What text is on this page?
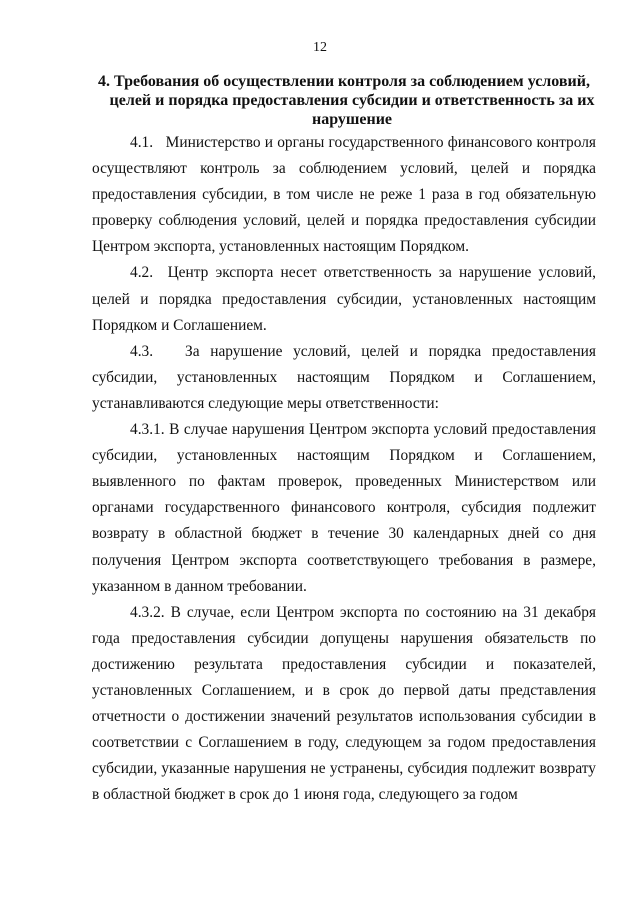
12
4. Требования об осуществлении контроля за соблюдением условий, целей и порядка предоставления субсидии и ответственность за их нарушение

4.1.   Министерство и органы государственного финансового контроля осуществляют контроль за соблюдением условий, целей и порядка предоставления субсидии, в том числе не реже 1 раза в год обязательную проверку соблюдения условий, целей и порядка предоставления субсидии Центром экспорта, установленных настоящим Порядком.

4.2.  Центр экспорта несет ответственность за нарушение условий, целей и порядка предоставления субсидии, установленных настоящим Порядком и Соглашением.

4.3.   За нарушение условий, целей и порядка предоставления субсидии, установленных настоящим Порядком и Соглашением, устанавливаются следующие меры ответственности:

4.3.1. В случае нарушения Центром экспорта условий предоставления субсидии, установленных настоящим Порядком и Соглашением, выявленного по фактам проверок, проведенных Министерством или органами государственного финансового контроля, субсидия подлежит возврату в областной бюджет в течение 30 календарных дней со дня получения Центром экспорта соответствующего требования в размере, указанном в данном требовании.

4.3.2. В случае, если Центром экспорта по состоянию на 31 декабря года предоставления субсидии допущены нарушения обязательств по достижению результата предоставления субсидии и показателей, установленных Соглашением, и в срок до первой даты представления отчетности о достижении значений результатов использования субсидии в соответствии с Соглашением в году, следующем за годом предоставления субсидии, указанные нарушения не устранены, субсидия подлежит возврату в областной бюджет в срок до 1 июня года, следующего за годом
